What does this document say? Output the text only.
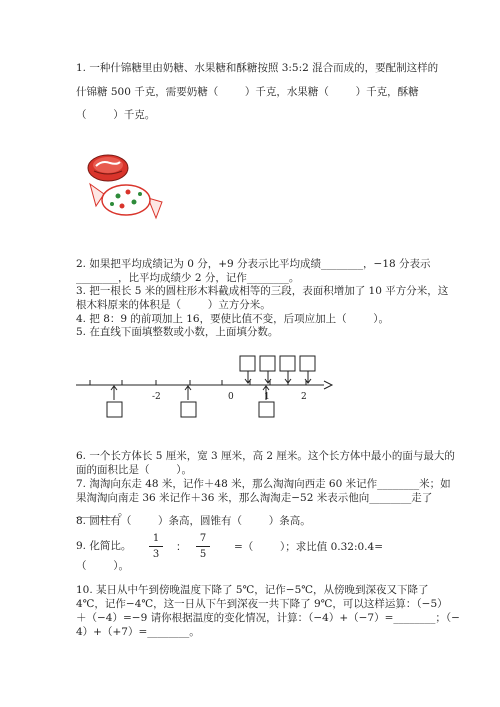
1. 一种什锦糖里由奶糖、水果糖和酥糖按照 3:5:2 混合而成的，要配制这样的
什锦糖 500 千克，需要奶糖（        ）千克，水果糖（        ）千克，酥糖
（        ）千克。
2. 如果把平均成绩记为 0 分，+9 分表示比平均成绩________，−18 分表示
________，比平均成绩少 2 分，记作________。
3. 把一根长 5 米的圆柱形木料截成相等的三段，表面积增加了 10 平方分米，这
根木料原来的体积是（        ）立方分米。
4. 把 8：9 的前项加上 16，要使比值不变，后项应加上（        ）。
5. 在直线下面填整数或小数，上面填分数。
-2	0	1	2
6. 一个长方体长 5 厘米，宽 3 厘米，高 2 厘米。这个长方体中最小的面与最大的
面的面积比是（        ）。
7. 淘淘向东走 48 米，记作＋48 米，那么淘淘向西走 60 米记作________米；如
果淘淘向南走 36 米记作＋36 米，那么淘淘走−52 米表示他向________走了
________。
8. 圆柱有（        ）条高，圆锥有（        ）条高。
9. 化简比。
1
3
：
7
5
=（        ）；求比值 0.32:0.4=
（        ）。
10. 某日从中午到傍晚温度下降了 5℃，记作−5℃，从傍晚到深夜又下降了
4℃，记作−4℃，这一日从下午到深夜一共下降了 9℃，可以这样运算：（−5）
＋（−4）=−9 请你根据温度的变化情况，计算：（−4）+（−7）=________；（−
4）+（+7）=________。
